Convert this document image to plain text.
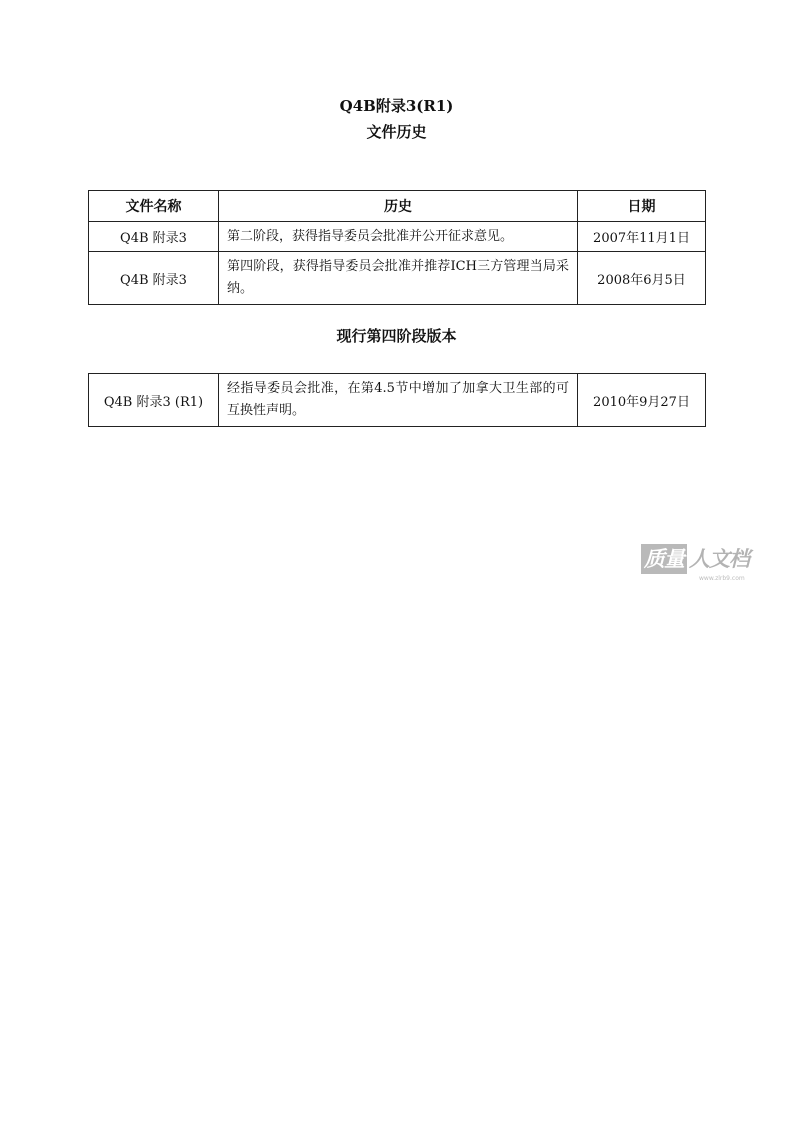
Q4B附录3(R1)
文件历史
文件名称	历史	日期
Q4B 附录3	第二阶段，获得指导委员会批准并公开征求意见。	2007年11月1日
Q4B 附录3	第四阶段，获得指导委员会批准并推荐ICH三方管理当局采纳。	2008年6月5日
现行第四阶段版本
Q4B 附录3 (R1)	经指导委员会批准，在第4.5节中增加了加拿大卫生部的可互换性声明。	2010年9月27日
质量 人文档
www.zlrb9.com
